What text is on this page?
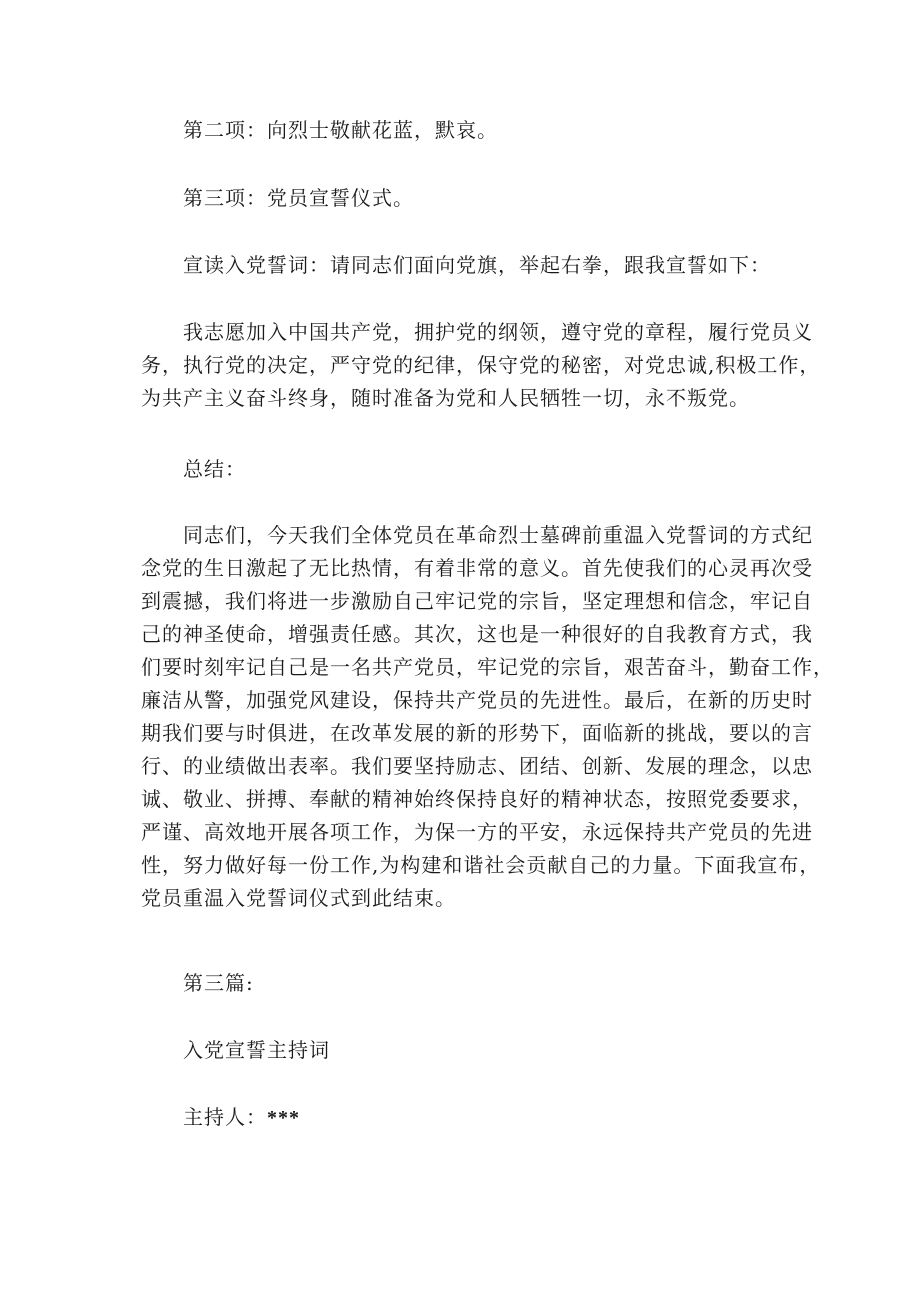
第二项：向烈士敬献花蓝，默哀。

第三项：党员宣誓仪式。

宣读入党誓词：请同志们面向党旗，举起右拳，跟我宣誓如下：

我志愿加入中国共产党，拥护党的纲领，遵守党的章程，履行党员义
务，执行党的决定，严守党的纪律，保守党的秘密，对党忠诚,积极工作，
为共产主义奋斗终身，随时准备为党和人民牺牲一切，永不叛党。

总结：

同志们，今天我们全体党员在革命烈士墓碑前重温入党誓词的方式纪
念党的生日激起了无比热情，有着非常的意义。首先使我们的心灵再次受
到震撼，我们将进一步激励自己牢记党的宗旨，坚定理想和信念，牢记自
己的神圣使命，增强责任感。其次，这也是一种很好的自我教育方式，我
们要时刻牢记自己是一名共产党员，牢记党的宗旨，艰苦奋斗，勤奋工作，
廉洁从警，加强党风建设，保持共产党员的先进性。最后，在新的历史时
期我们要与时俱进，在改革发展的新的形势下，面临新的挑战，要以的言
行、的业绩做出表率。我们要坚持励志、团结、创新、发展的理念，以忠
诚、敬业、拼搏、奉献的精神始终保持良好的精神状态，按照党委要求，
严谨、高效地开展各项工作，为保一方的平安，永远保持共产党员的先进
性，努力做好每一份工作,为构建和谐社会贡献自己的力量。下面我宣布，
党员重温入党誓词仪式到此结束。

第三篇:

入党宣誓主持词

主持人：***
